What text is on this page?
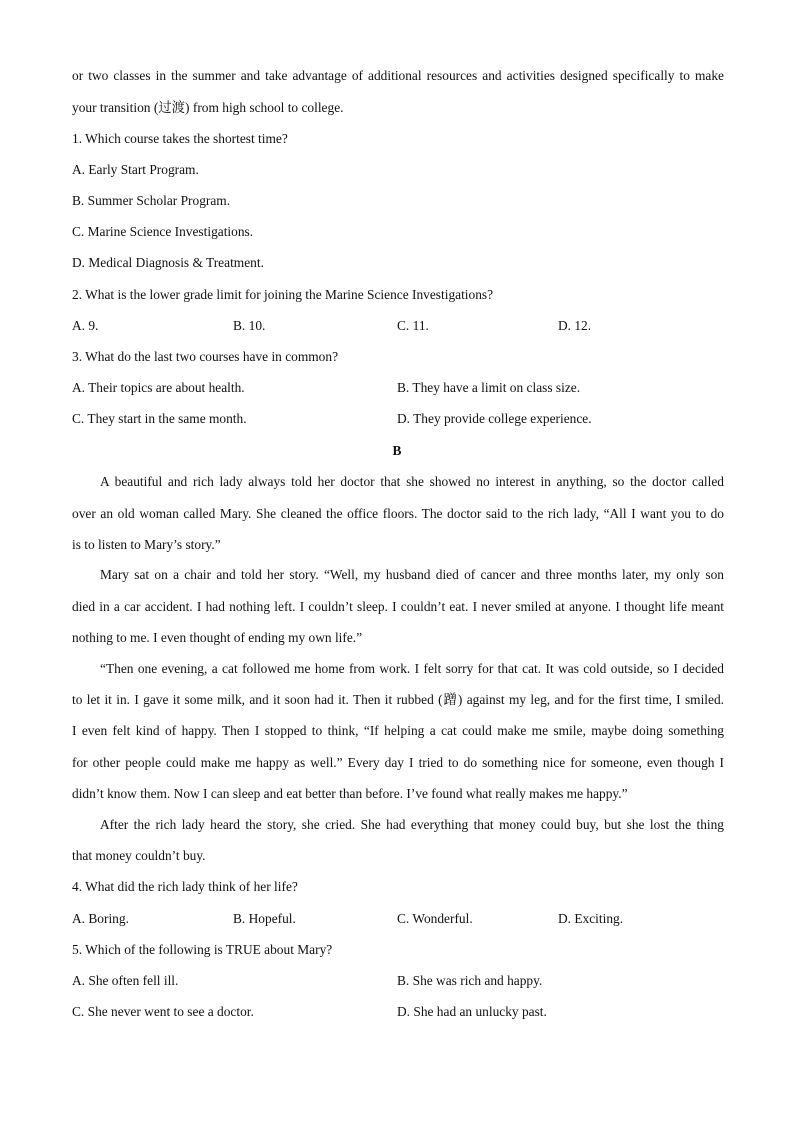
or two classes in the summer and take advantage of additional resources and activities designed specifically to make
your transition (过渡) from high school to college.
1. Which course takes the shortest time?
A. Early Start Program.
B. Summer Scholar Program.
C. Marine Science Investigations.
D. Medical Diagnosis & Treatment.
2. What is the lower grade limit for joining the Marine Science Investigations?
A. 9.	B. 10.	C. 11.	D. 12.
3. What do the last two courses have in common?
A. Their topics are about health.	B. They have a limit on class size.
C. They start in the same month.	D. They provide college experience.
B
A beautiful and rich lady always told her doctor that she showed no interest in anything, so the doctor called
over an old woman called Mary. She cleaned the office floors. The doctor said to the rich lady, “All I want you to do
is to listen to Mary’s story.”
Mary sat on a chair and told her story. “Well, my husband died of cancer and three months later, my only son
died in a car accident. I had nothing left. I couldn’t sleep. I couldn’t eat. I never smiled at anyone. I thought life meant
nothing to me. I even thought of ending my own life.”
“Then one evening, a cat followed me home from work. I felt sorry for that cat. It was cold outside, so I decided
to let it in. I gave it some milk, and it soon had it. Then it rubbed (蹭) against my leg, and for the first time, I smiled.
I even felt kind of happy. Then I stopped to think, “If helping a cat could make me smile, maybe doing something
for other people could make me happy as well.” Every day I tried to do something nice for someone, even though I
didn’t know them. Now I can sleep and eat better than before. I’ve found what really makes me happy.”
After the rich lady heard the story, she cried. She had everything that money could buy, but she lost the thing
that money couldn’t buy.
4. What did the rich lady think of her life?
A. Boring.	B. Hopeful.	C. Wonderful.	D. Exciting.
5. Which of the following is TRUE about Mary?
A. She often fell ill.	B. She was rich and happy.
C. She never went to see a doctor.	D. She had an unlucky past.
